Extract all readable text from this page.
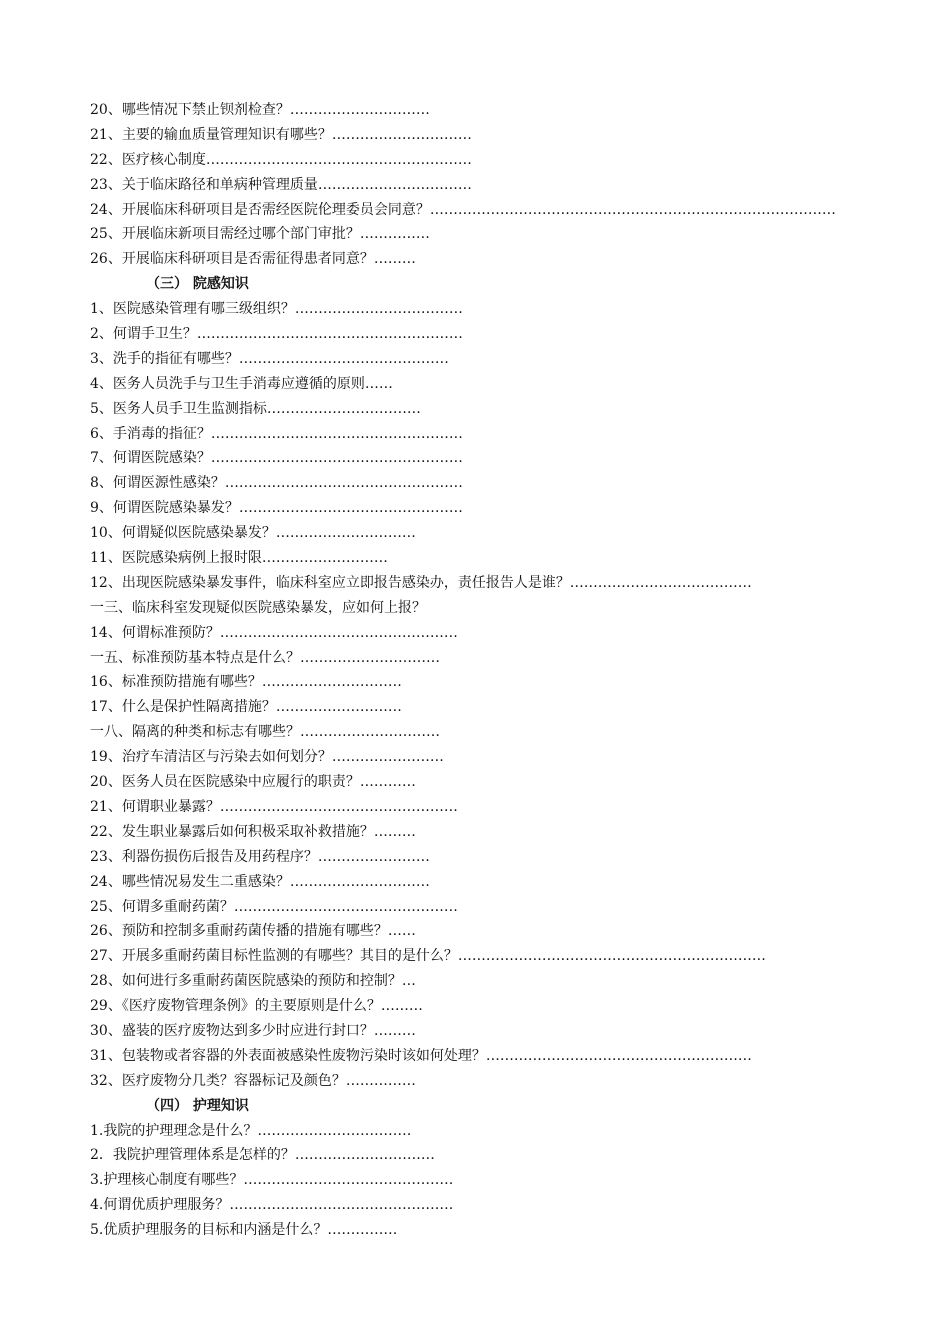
20、哪些情况下禁止钡剂检查？…………………………
21、主要的输血质量管理知识有哪些？…………………………
22、医疗核心制度…………………………………………………
23、关于临床路径和单病种管理质量……………………………
24、开展临床科研项目是否需经医院伦理委员会同意？……………………………………………………………………………
25、开展临床新项目需经过哪个部门审批？……………
26、开展临床科研项目是否需征得患者同意？………
（三） 院感知识
1、医院感染管理有哪三级组织？………………………………
2、何谓手卫生？…………………………………………………
3、洗手的指征有哪些？………………………………………
4、医务人员洗手与卫生手消毒应遵循的原则……
5、医务人员手卫生监测指标……………………………
6、手消毒的指征？………………………………………………
7、何谓医院感染？………………………………………………
8、何谓医源性感染？……………………………………………
9、何谓医院感染暴发？…………………………………………
10、何谓疑似医院感染暴发？…………………………
11、医院感染病例上报时限………………………
12、出现医院感染暴发事件，临床科室应立即报告感染办，责任报告人是谁？…………………………………
一三、临床科室发现疑似医院感染暴发，应如何上报？
14、何谓标准预防？……………………………………………
一五、标准预防基本特点是什么？…………………………
16、标准预防措施有哪些？…………………………
17、什么是保护性隔离措施？………………………
一八、隔离的种类和标志有哪些？…………………………
19、治疗车清洁区与污染去如何划分？……………………
20、医务人员在医院感染中应履行的职责？…………
21、何谓职业暴露？……………………………………………
22、发生职业暴露后如何积极采取补救措施？………
23、利器伤损伤后报告及用药程序？……………………
24、哪些情况易发生二重感染？…………………………
25、何谓多重耐药菌？…………………………………………
26、预防和控制多重耐药菌传播的措施有哪些？……
27、开展多重耐药菌目标性监测的有哪些？其目的是什么？…………………………………………………………
28、如何进行多重耐药菌医院感染的预防和控制？…
29、《医疗废物管理条例》的主要原则是什么？………
30、盛装的医疗废物达到多少时应进行封口？………
31、包装物或者容器的外表面被感染性废物污染时该如何处理？…………………………………………………
32、医疗废物分几类？容器标记及颜色？……………
（四） 护理知识
1.我院的护理理念是什么？……………………………
2．我院护理管理体系是怎样的？…………………………
3.护理核心制度有哪些？………………………………………
4.何谓优质护理服务？…………………………………………
5.优质护理服务的目标和内涵是什么？……………
